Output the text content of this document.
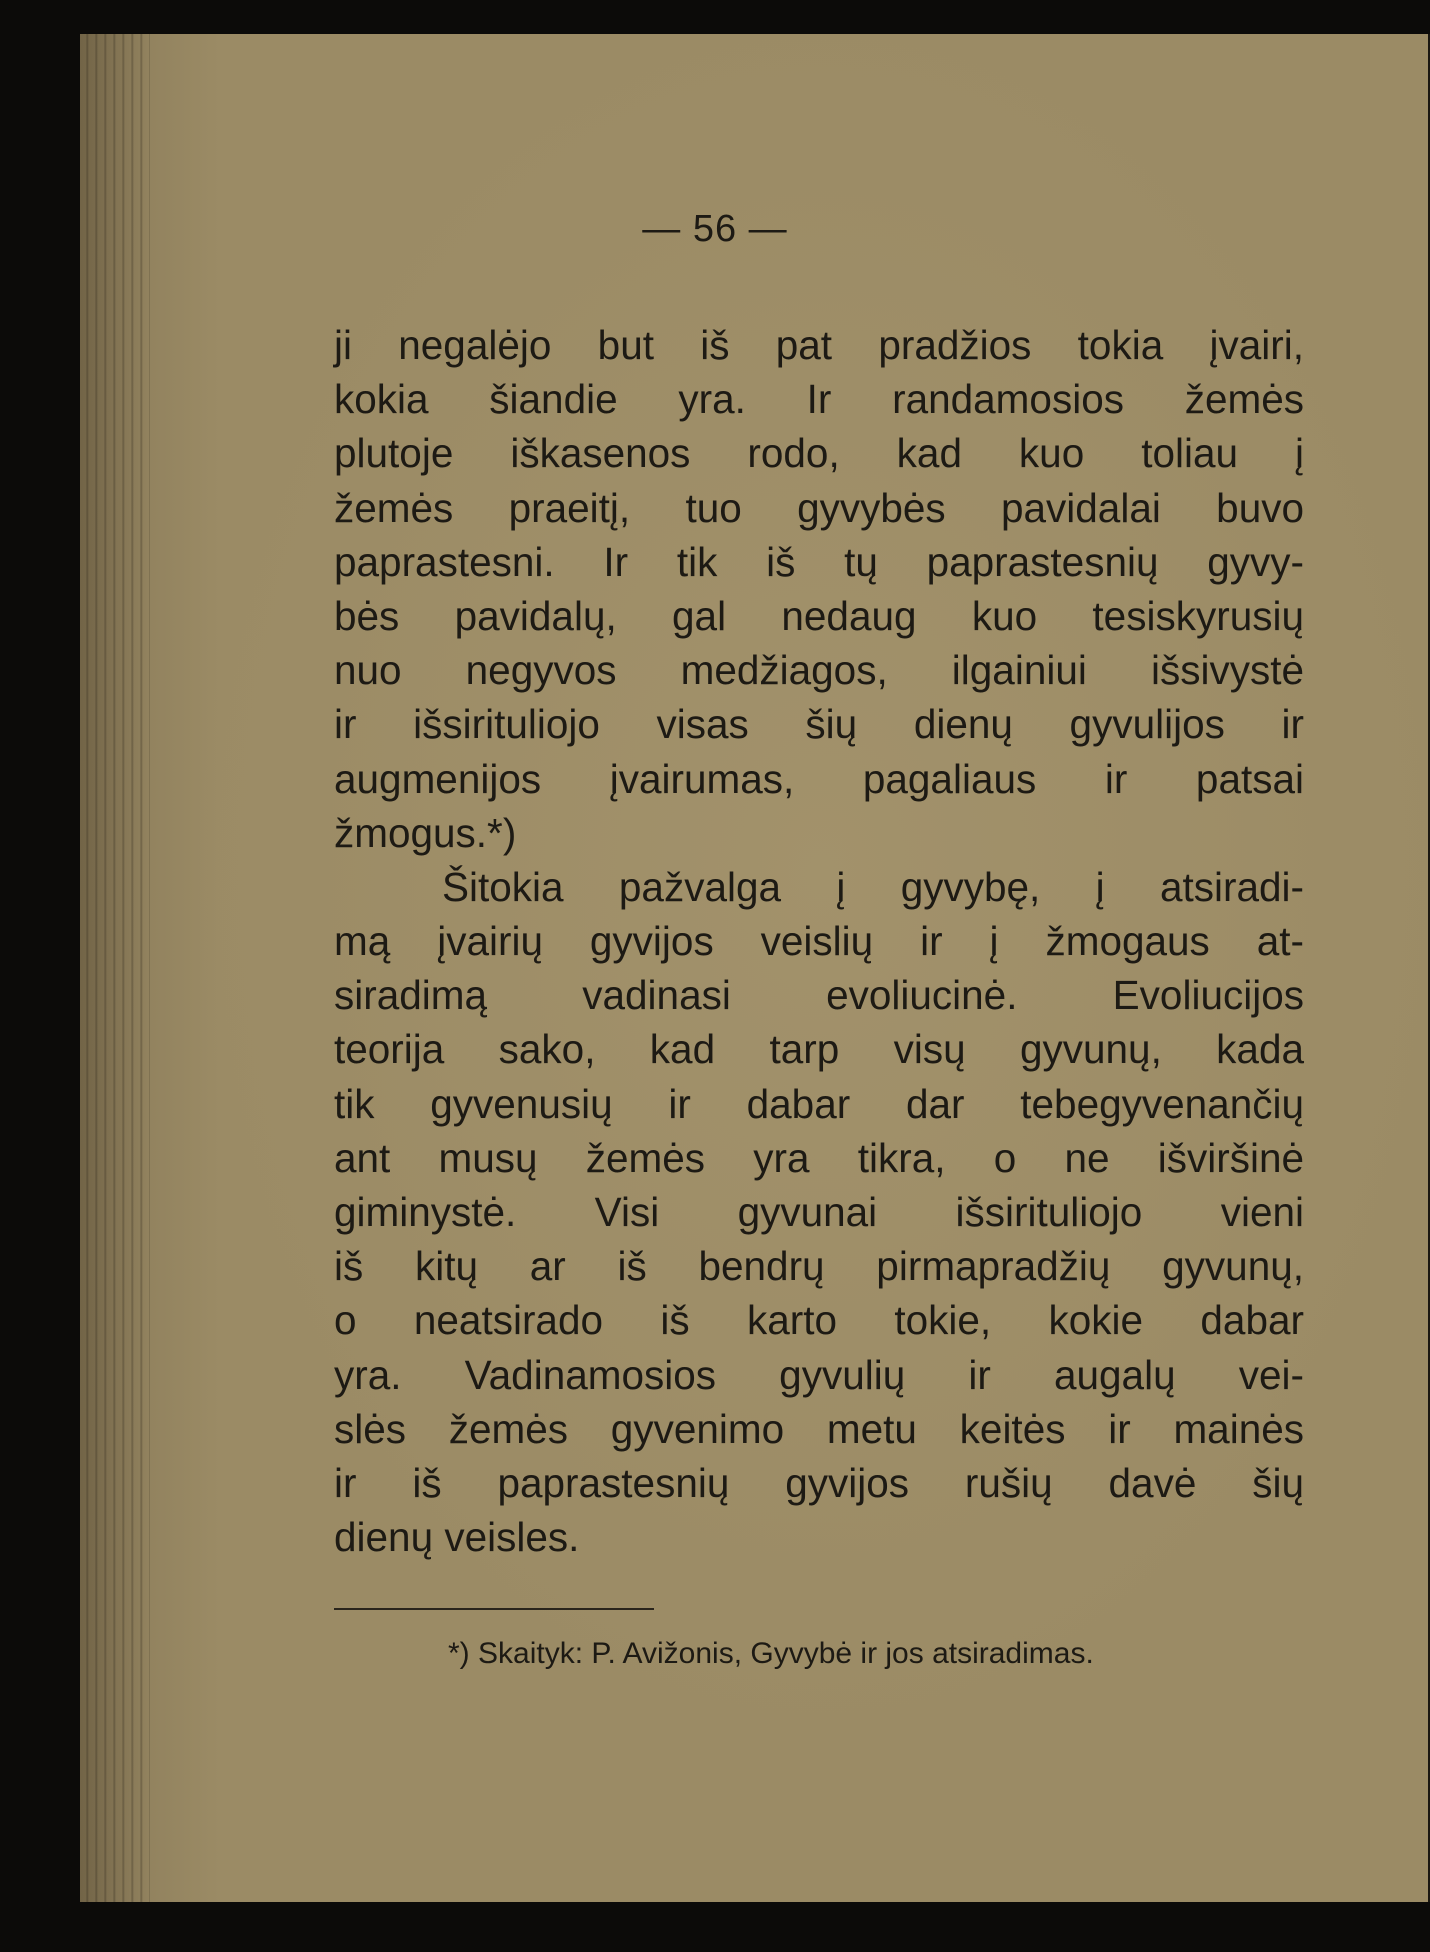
— 56 —
ji negalėjo but iš pat pradžios tokia įvairi,
kokia šiandie yra. Ir randamosios žemės
plutoje iškasenos rodo, kad kuo toliau į
žemės praeitį, tuo gyvybės pavidalai buvo
paprastesni. Ir tik iš tų paprastesnių gyvy-
bės pavidalų, gal nedaug kuo tesiskyrusių
nuo negyvos medžiagos, ilgainiui išsivystė
ir išsirituliojo visas šių dienų gyvulijos ir
augmenijos įvairumas, pagaliaus ir patsai
žmogus.*)
Šitokia pažvalga į gyvybę, į atsiradi-
mą įvairių gyvijos veislių ir į žmogaus at-
siradimą vadinasi evoliucinė. Evoliucijos
teorija sako, kad tarp visų gyvunų, kada
tik gyvenusių ir dabar dar tebegyvenančių
ant musų žemės yra tikra, o ne išviršinė
giminystė. Visi gyvunai išsirituliojo vieni
iš kitų ar iš bendrų pirmapradžių gyvunų,
o neatsirado iš karto tokie, kokie dabar
yra. Vadinamosios gyvulių ir augalų vei-
slės žemės gyvenimo metu keitės ir mainės
ir iš paprastesnių gyvijos rušių davė šių
dienų veisles.
*) Skaityk: P. Avižonis, Gyvybė ir jos atsiradimas.
